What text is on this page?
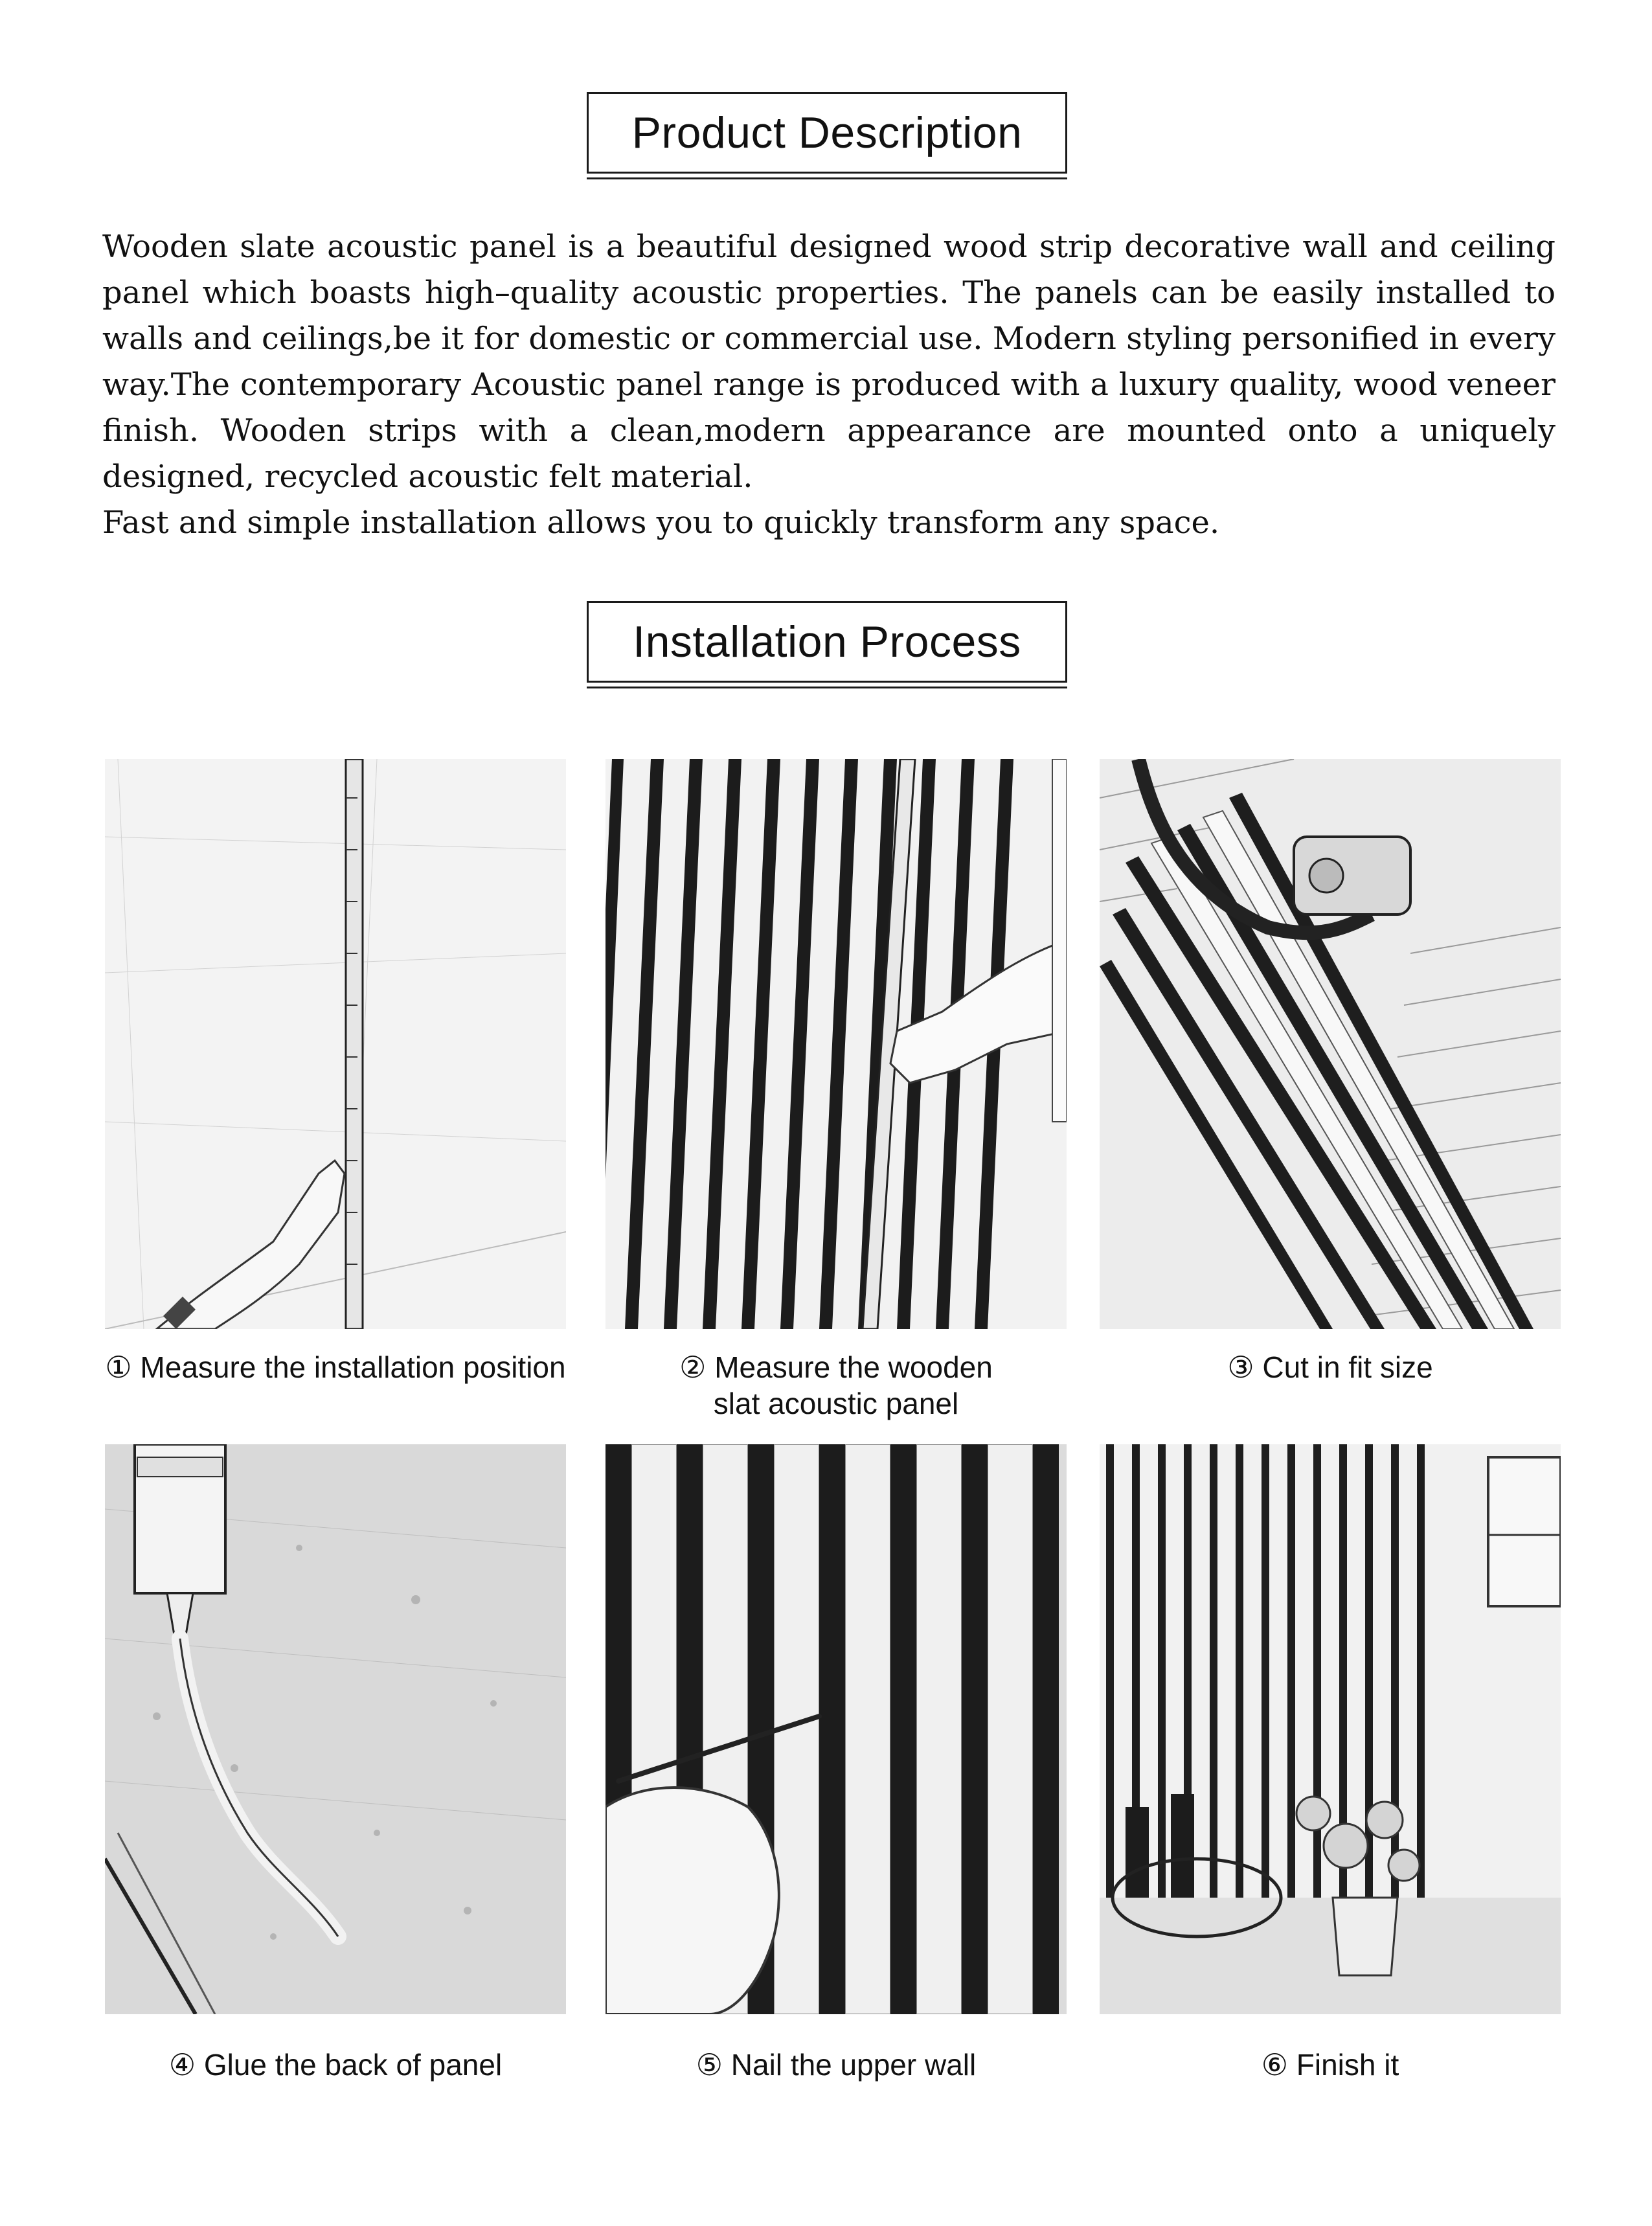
Product Description

Wooden slate acoustic panel is a beautiful designed wood strip decorative wall and ceiling panel which boasts high–quality acoustic properties. The panels can be easily installed to walls and ceilings,be it for domestic or commercial use. Modern styling personified in every way.The contemporary Acoustic panel range is produced with a luxury quality, wood veneer finish. Wooden strips with a clean,modern appearance are mounted onto a uniquely designed, recycled acoustic felt material.

Fast and simple installation allows you to quickly transform any space.

Installation Process
① Measure the installation position	② Measure the wooden
slat acoustic panel
③ Cut in fit size
④ Glue the back of panel	⑤ Nail the upper wall	⑥ Finish it
